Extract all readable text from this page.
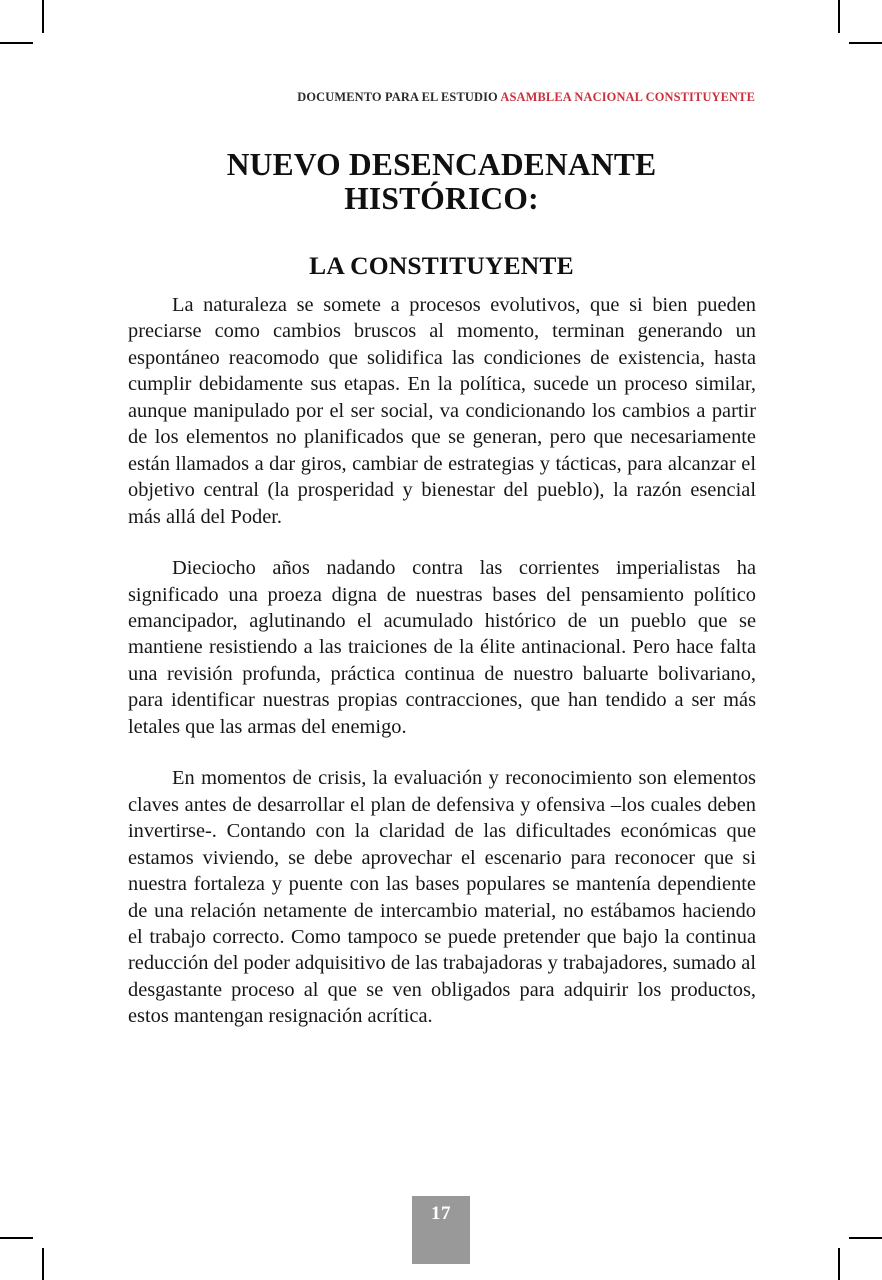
DOCUMENTO PARA EL ESTUDIO ASAMBLEA NACIONAL CONSTITUYENTE
NUEVO DESENCADENANTE HISTÓRICO:
LA CONSTITUYENTE

La naturaleza se somete a procesos evolutivos, que si bien pueden preciarse como cambios bruscos al momento, terminan generando un espontáneo reacomodo que solidifica las condiciones de existencia, hasta cumplir debidamente sus etapas. En la política, sucede un proceso similar, aunque manipulado por el ser social, va condicionando los cambios a partir de los elementos no planificados que se generan, pero que necesariamente están llamados a dar giros, cambiar de estrategias y tácticas, para alcanzar el objetivo central (la prosperidad y bienestar del pueblo), la razón esencial más allá del Poder.

Dieciocho años nadando contra las corrientes imperialistas ha significado una proeza digna de nuestras bases del pensamiento político emancipador, aglutinando el acumulado histórico de un pueblo que se mantiene resistiendo a las traiciones de la élite antinacional. Pero hace falta una revisión profunda, práctica continua de nuestro baluarte bolivariano, para identificar nuestras propias contracciones, que han tendido a ser más letales que las armas del enemigo.

En momentos de crisis, la evaluación y reconocimiento son elementos claves antes de desarrollar el plan de defensiva y ofensiva –los cuales deben invertirse-. Contando con la claridad de las dificultades económicas que estamos viviendo, se debe aprovechar el escenario para reconocer que si nuestra fortaleza y puente con las bases populares se mantenía dependiente de una relación netamente de intercambio material, no estábamos haciendo el trabajo correcto. Como tampoco se puede pretender que bajo la continua reducción del poder adquisitivo de las trabajadoras y trabajadores, sumado al desgastante proceso al que se ven obligados para adquirir los productos, estos mantengan resignación acrítica.

17
